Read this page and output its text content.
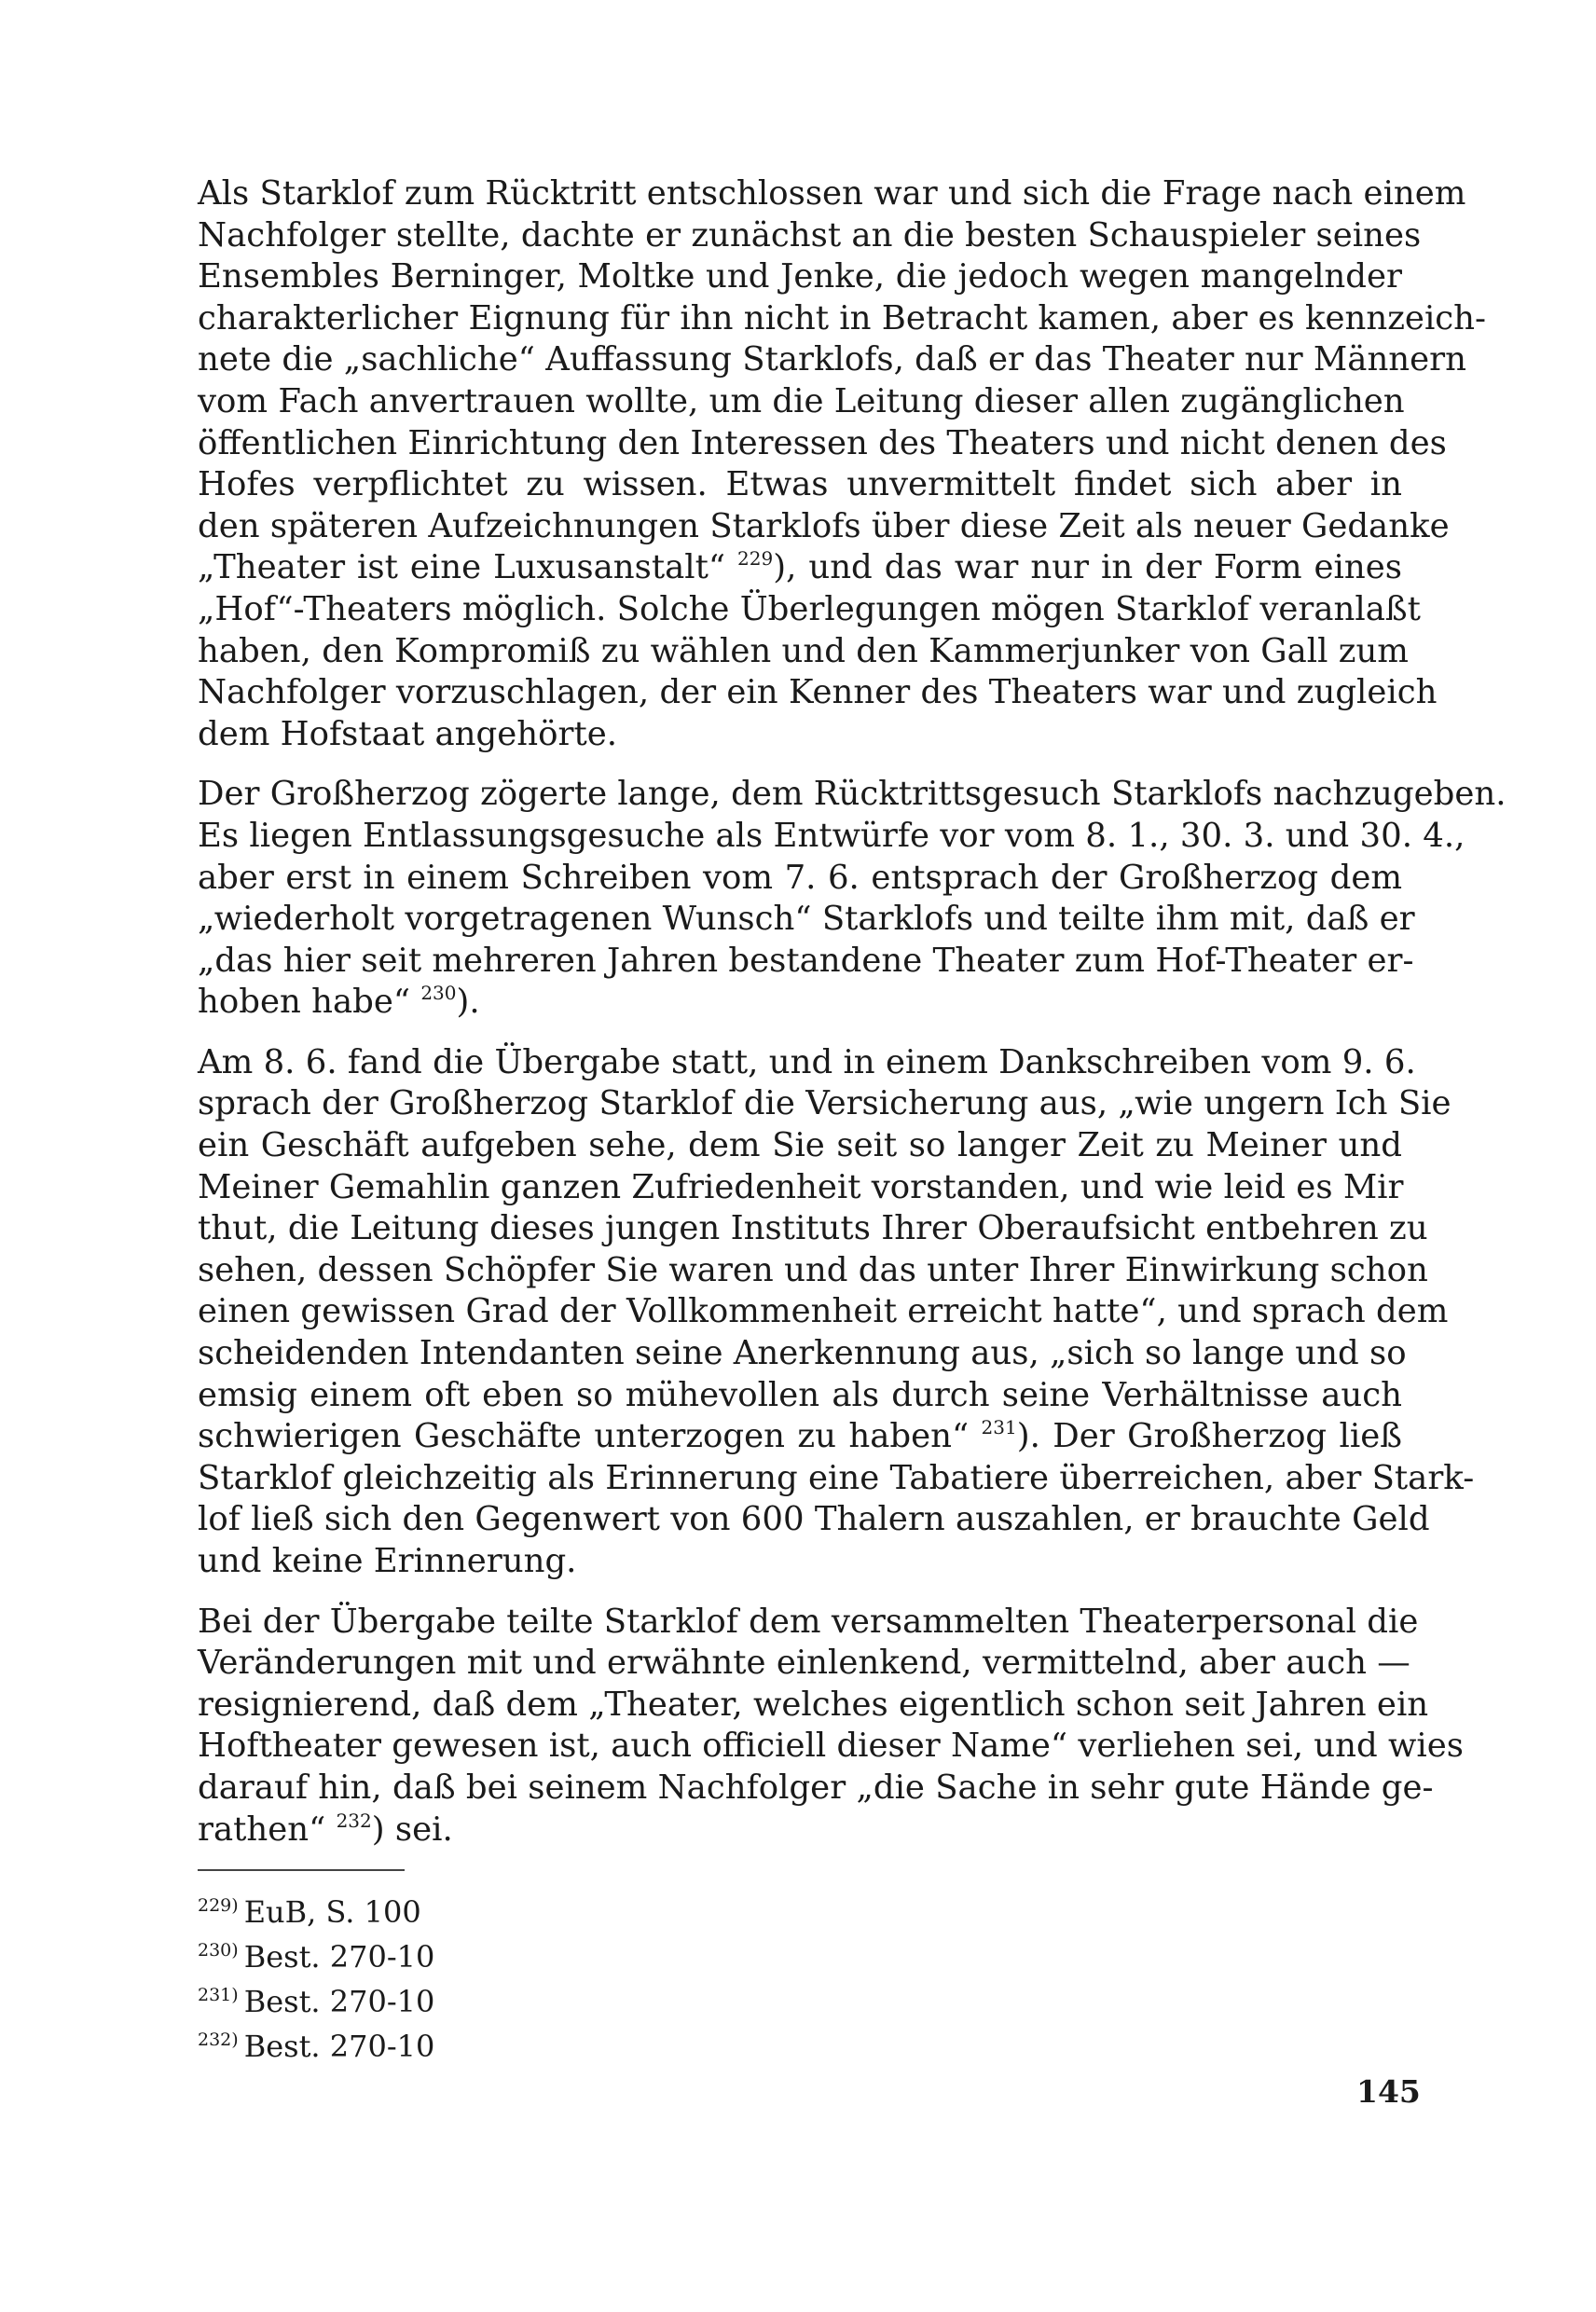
Als Starklof zum Rücktritt entschlossen war und sich die Frage nach einem
Nachfolger stellte, dachte er zunächst an die besten Schauspieler seines
Ensembles Berninger, Moltke und Jenke, die jedoch wegen mangelnder
charakterlicher Eignung für ihn nicht in Betracht kamen, aber es kennzeich-
nete die „sachliche“ Auffassung Starklofs, daß er das Theater nur Männern
vom Fach anvertrauen wollte, um die Leitung dieser allen zugänglichen
öffentlichen Einrichtung den Interessen des Theaters und nicht denen des
Hofes verpflichtet zu wissen. Etwas unvermittelt findet sich aber in
den späteren Aufzeichnungen Starklofs über diese Zeit als neuer Gedanke
„Theater ist eine Luxusanstalt“ $^{229}$), und das war nur in der Form eines
„Hof“-Theaters möglich. Solche Überlegungen mögen Starklof veranlaßt
haben, den Kompromiß zu wählen und den Kammerjunker von Gall zum
Nachfolger vorzuschlagen, der ein Kenner des Theaters war und zugleich
dem Hofstaat angehörte.

Der Großherzog zögerte lange, dem Rücktrittsgesuch Starklofs nachzugeben.
Es liegen Entlassungsgesuche als Entwürfe vor vom 8. 1., 30. 3. und 30. 4.,
aber erst in einem Schreiben vom 7. 6. entsprach der Großherzog dem
„wiederholt vorgetragenen Wunsch“ Starklofs und teilte ihm mit, daß er
„das hier seit mehreren Jahren bestandene Theater zum Hof-Theater er-
hoben habe“ $^{230}$).

Am 8. 6. fand die Übergabe statt, und in einem Dankschreiben vom 9. 6.
sprach der Großherzog Starklof die Versicherung aus, „wie ungern Ich Sie
ein Geschäft aufgeben sehe, dem Sie seit so langer Zeit zu Meiner und
Meiner Gemahlin ganzen Zufriedenheit vorstanden, und wie leid es Mir
thut, die Leitung dieses jungen Instituts Ihrer Oberaufsicht entbehren zu
sehen, dessen Schöpfer Sie waren und das unter Ihrer Einwirkung schon
einen gewissen Grad der Vollkommenheit erreicht hatte“, und sprach dem
scheidenden Intendanten seine Anerkennung aus, „sich so lange und so
emsig einem oft eben so mühevollen als durch seine Verhältnisse auch
schwierigen Geschäfte unterzogen zu haben“ $^{231}$). Der Großherzog ließ
Starklof gleichzeitig als Erinnerung eine Tabatiere überreichen, aber Stark-
lof ließ sich den Gegenwert von 600 Thalern auszahlen, er brauchte Geld
und keine Erinnerung.

Bei der Übergabe teilte Starklof dem versammelten Theaterpersonal die
Veränderungen mit und erwähnte einlenkend, vermittelnd, aber auch —
resignierend, daß dem „Theater, welches eigentlich schon seit Jahren ein
Hoftheater gewesen ist, auch officiell dieser Name“ verliehen sei, und wies
darauf hin, daß bei seinem Nachfolger „die Sache in sehr gute Hände ge-
rathen“ $^{232}$) sei.

$^{229)}$ EuB, S. 100
$^{230)}$ Best. 270-10
$^{231)}$ Best. 270-10
$^{232)}$ Best. 270-10
145
